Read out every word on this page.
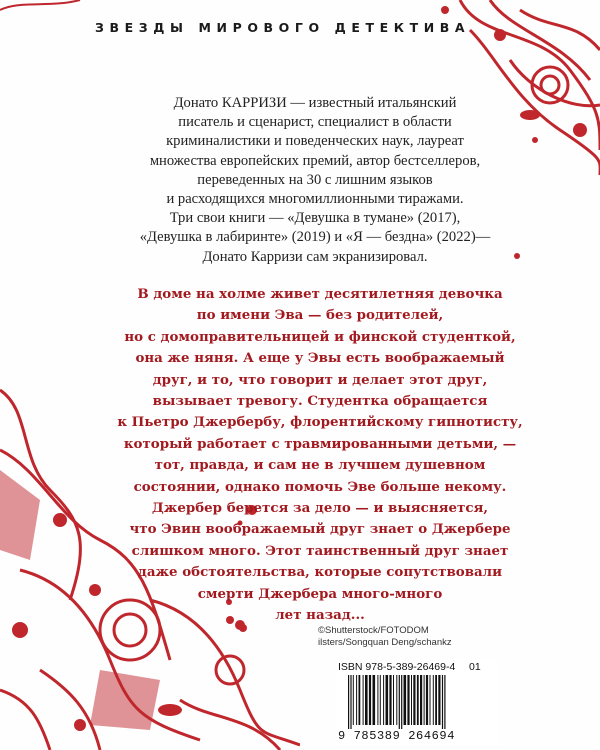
ЗВЕЗДЫ МИРОВОГО ДЕТЕКТИВА
Донато КАРРИЗИ — известный итальянский
писатель и сценарист, специалист в области
криминалистики и поведенческих наук, лауреат
множества европейских премий, автор бестселлеров,
переведенных на 30 с лишним языков
и расходящихся многомиллионными тиражами.
Три свои книги — «Девушка в тумане» (2017),
«Девушка в лабиринте» (2019) и «Я — бездна» (2022)—
Донато Карризи сам экранизировал.
В доме на холме живет десятилетняя девочка
по имени Эва — без родителей,
но с домоправительницей и финской студенткой,
она же няня. А еще у Эвы есть воображаемый
друг, и то, что говорит и делает этот друг,
вызывает тревогу. Студентка обращается
к Пьетро Джербербу, флорентийскому гипнотисту,
который работает с травмированными детьми, —
тот, правда, и сам не в лучшем душевном
состоянии, однако помочь Эве больше некому.
Джербер берется за дело — и выясняется,
что Эвин воображаемый друг знает о Джербере
слишком много. Этот таинственный друг знает
даже обстоятельства, которые сопутствовали
смерти Джербера много-много
лет назад...
©Shutterstock/FOTODOM
ilsters/Songquan Deng/schankz
ISBN 978-5-389-26469-4 01
9 785389 264694
